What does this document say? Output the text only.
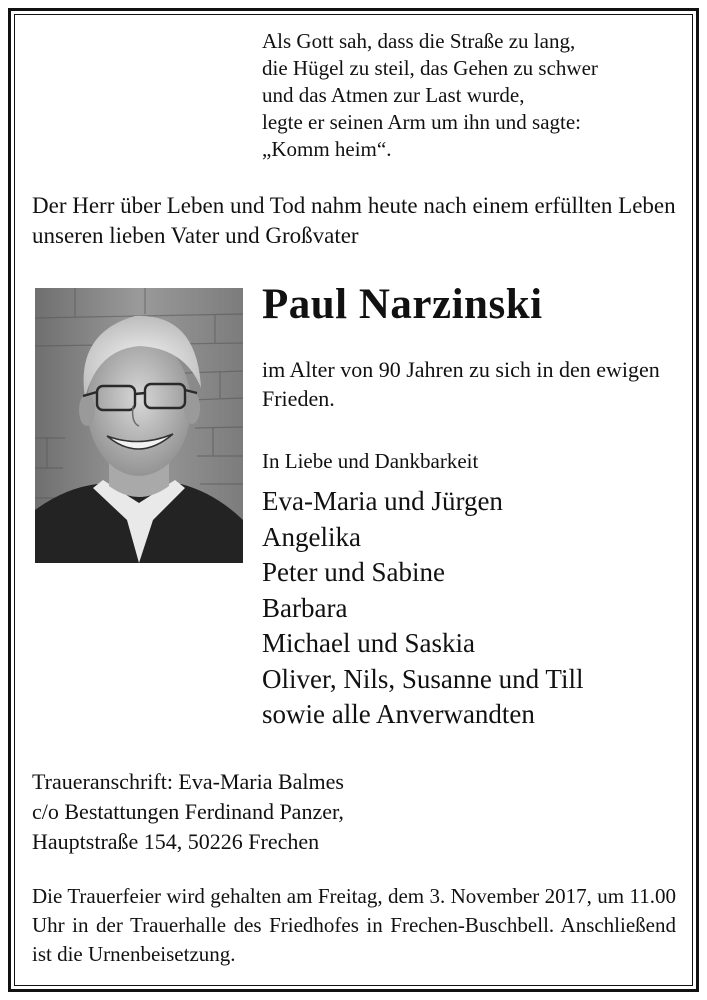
Als Gott sah, dass die Straße zu lang,
die Hügel zu steil, das Gehen zu schwer
und das Atmen zur Last wurde,
legte er seinen Arm um ihn und sagte:
„Komm heim“.
Der Herr über Leben und Tod nahm heute nach einem erfüllten Leben unseren lieben Vater und Großvater
Paul Narzinski
im Alter von 90 Jahren zu sich in den ewigen Frieden.
In Liebe und Dankbarkeit
Eva-Maria und Jürgen
Angelika
Peter und Sabine
Barbara
Michael und Saskia
Oliver, Nils, Susanne und Till
sowie alle Anverwandten
Traueranschrift: Eva-Maria Balmes
c/o Bestattungen Ferdinand Panzer,
Hauptstraße 154, 50226 Frechen
Die Trauerfeier wird gehalten am Freitag, dem 3. November 2017, um 11.00 Uhr in der Trauerhalle des Friedhofes in Frechen-Buschbell. Anschließend ist die Urnenbeisetzung.
